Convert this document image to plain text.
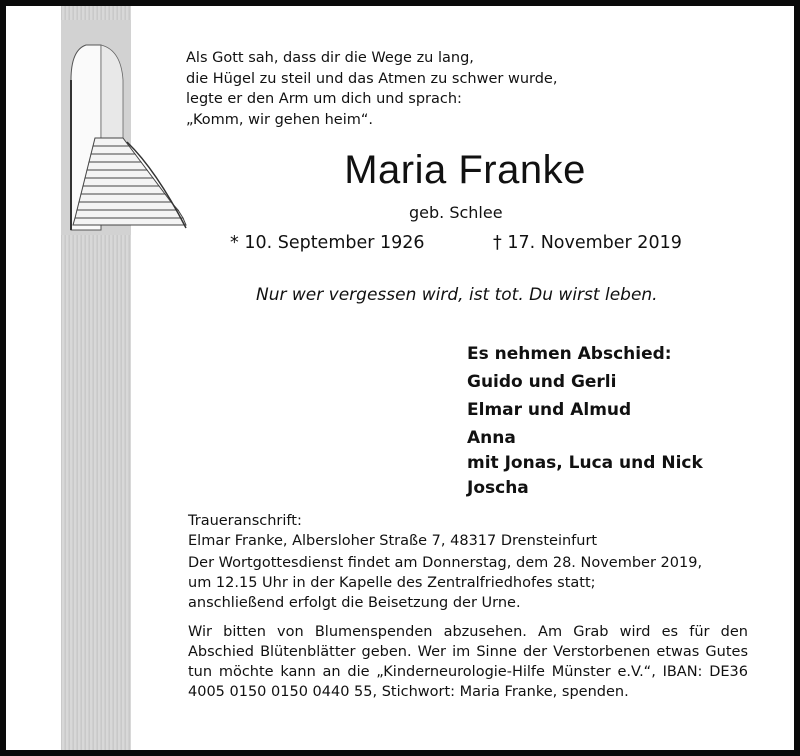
Als Gott sah, dass dir die Wege zu lang,
die Hügel zu steil und das Atmen zu schwer wurde,
legte er den Arm um dich und sprach:
„Komm, wir gehen heim“.
Maria Franke
geb. Schlee
* 10. September 1926	† 17. November 2019
Nur wer vergessen wird, ist tot. Du wirst leben.
Es nehmen Abschied:
Guido und Gerli
Elmar und Almud
Anna
mit Jonas, Luca und Nick
Joscha
Traueranschrift:
Elmar Franke, Albersloher Straße 7, 48317 Drensteinfurt
Der Wortgottesdienst findet am Donnerstag, dem 28. November 2019,
um 12.15 Uhr in der Kapelle des Zentralfriedhofes statt;
anschließend erfolgt die Beisetzung der Urne.
Wir bitten von Blumenspenden abzusehen. Am Grab wird es für den Abschied Blütenblätter geben. Wer im Sinne der Verstorbenen etwas Gutes tun möchte kann an die „Kinderneurologie-Hilfe Münster e.V.“, IBAN: DE36 4005 0150 0150 0440 55, Stichwort: Maria Franke, spenden.
